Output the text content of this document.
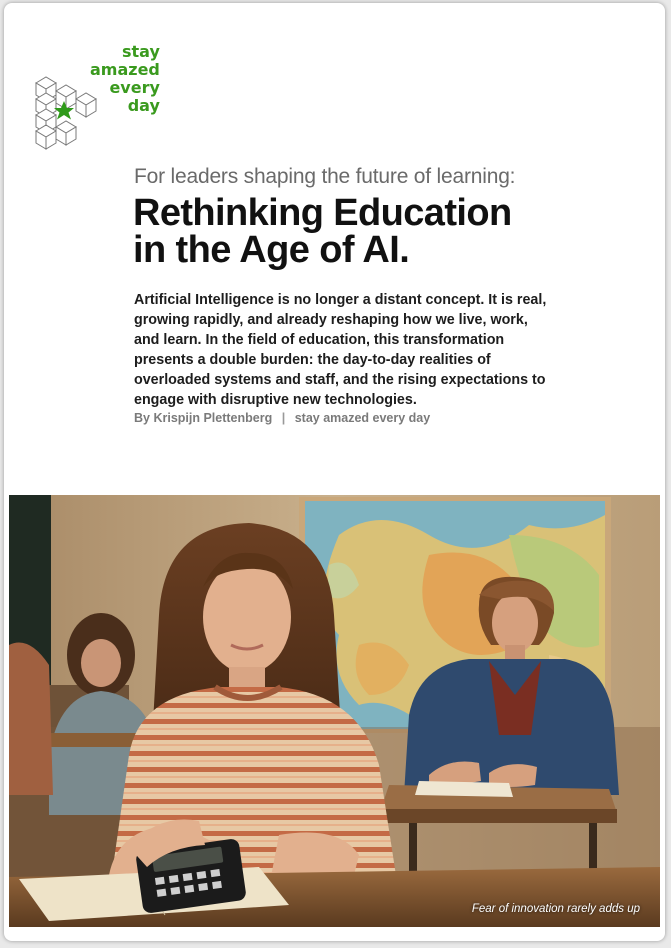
stay
amazed
every
day
For leaders shaping the future of learning:
Rethinking Education
in the Age of AI.

Artificial Intelligence is no longer a distant concept. It is real, growing rapidly, and already reshaping how we live, work, and learn. In the field of education, this transformation presents a double burden: the day-to-day realities of overloaded systems and staff, and the rising expectations to engage with disruptive new technologies.

By Krispijn Plettenberg | stay amazed every day
Fear of innovation rarely adds up
